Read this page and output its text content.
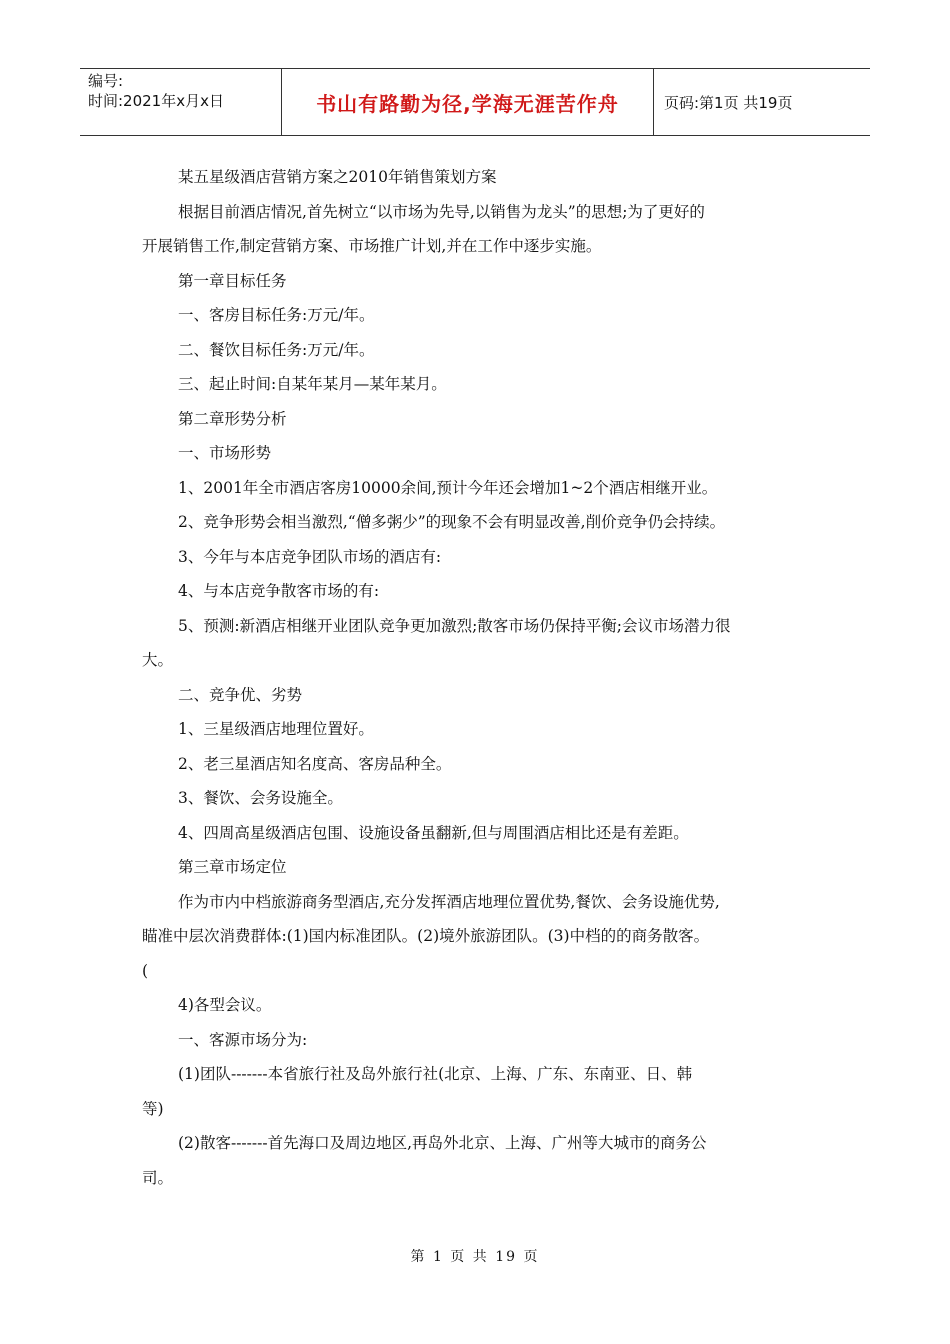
编号:
时间:2021年x月x日	书山有路勤为径,学海无涯苦作舟	页码:第1页 共19页

某五星级酒店营销方案之2010年销售策划方案

根据目前酒店情况,首先树立“以市场为先导,以销售为龙头”的思想;为了更好的

开展销售工作,制定营销方案、市场推广计划,并在工作中逐步实施。

第一章目标任务

一、客房目标任务:万元/年。

二、餐饮目标任务:万元/年。

三、起止时间:自某年某月—某年某月。

第二章形势分析

一、市场形势

1、2001年全市酒店客房10000余间,预计今年还会增加1~2个酒店相继开业。

2、竞争形势会相当激烈,“僧多粥少”的现象不会有明显改善,削价竞争仍会持续。

3、今年与本店竞争团队市场的酒店有:

4、与本店竞争散客市场的有:

5、预测:新酒店相继开业团队竞争更加激烈;散客市场仍保持平衡;会议市场潜力很

大。

二、竞争优、劣势

1、三星级酒店地理位置好。

2、老三星酒店知名度高、客房品种全。

3、餐饮、会务设施全。

4、四周高星级酒店包围、设施设备虽翻新,但与周围酒店相比还是有差距。

第三章市场定位

作为市内中档旅游商务型酒店,充分发挥酒店地理位置优势,餐饮、会务设施优势,

瞄准中层次消费群体:(1)国内标准团队。(2)境外旅游团队。(3)中档的的商务散客。

(

4)各型会议。

一、客源市场分为:

(1)团队-------本省旅行社及岛外旅行社(北京、上海、广东、东南亚、日、韩

等)

(2)散客-------首先海口及周边地区,再岛外北京、上海、广州等大城市的商务公

司。

第 1 页 共 19 页
